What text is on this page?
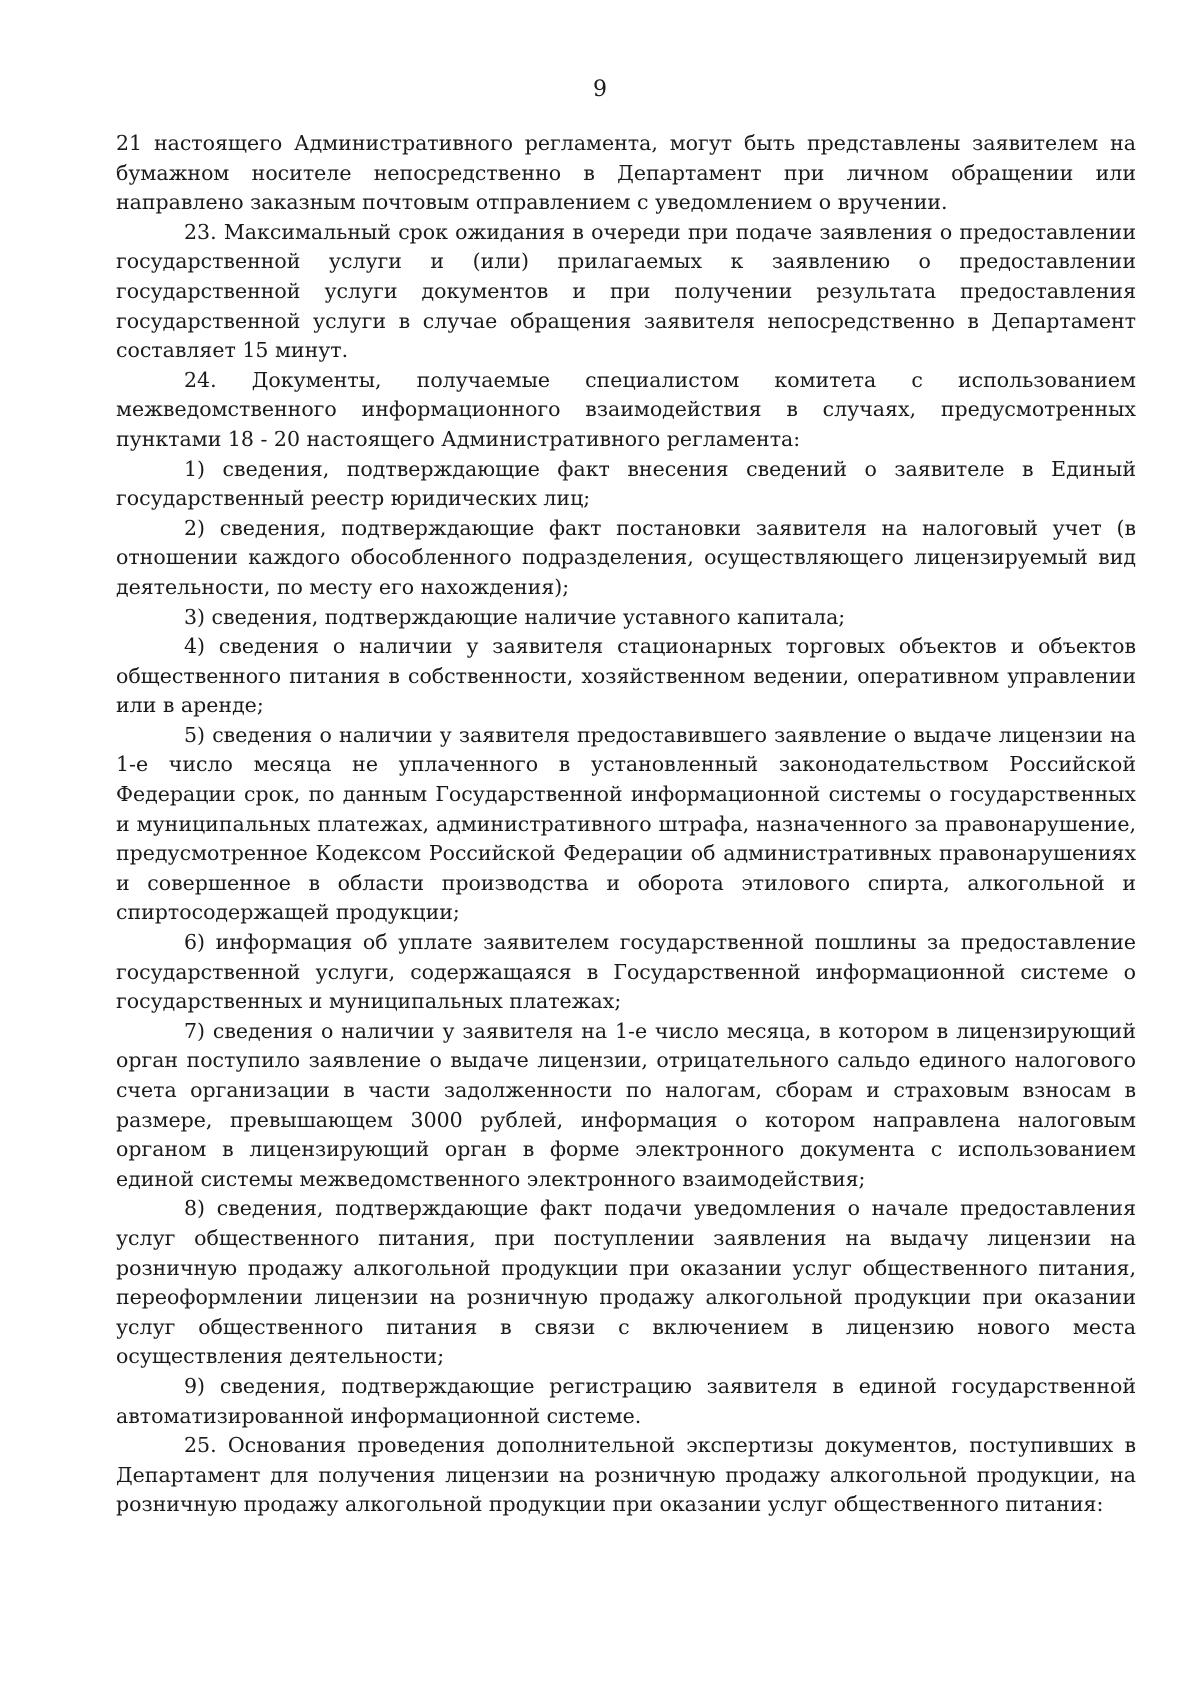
9

21 настоящего Административного регламента, могут быть представлены заявителем на бумажном носителе непосредственно в Департамент при личном обращении или направлено заказным почтовым отправлением с уведомлением о вручении.

23. Максимальный срок ожидания в очереди при подаче заявления о предоставлении государственной услуги и (или) прилагаемых к заявлению о предоставлении государственной услуги документов и при получении результата предоставления государственной услуги в случае обращения заявителя непосредственно в Департамент составляет 15 минут.

24. Документы, получаемые специалистом комитета с использованием межведомственного информационного взаимодействия в случаях, предусмотренных пунктами 18 - 20 настоящего Административного регламента:

1) сведения, подтверждающие факт внесения сведений о заявителе в Единый государственный реестр юридических лиц;

2) сведения, подтверждающие факт постановки заявителя на налоговый учет (в отношении каждого обособленного подразделения, осуществляющего лицензируемый вид деятельности, по месту его нахождения);

3) сведения, подтверждающие наличие уставного капитала;

4) сведения о наличии у заявителя стационарных торговых объектов и объектов общественного питания в собственности, хозяйственном ведении, оперативном управлении или в аренде;

5) сведения о наличии у заявителя предоставившего заявление о выдаче лицензии на 1-е число месяца не уплаченного в установленный законодательством Российской Федерации срок, по данным Государственной информационной системы о государственных и муниципальных платежах, административного штрафа, назначенного за правонарушение, предусмотренное Кодексом Российской Федерации об административных правонарушениях и совершенное в области производства и оборота этилового спирта, алкогольной и спиртосодержащей продукции;

6) информация об уплате заявителем государственной пошлины за предоставление государственной услуги, содержащаяся в Государственной информационной системе о государственных и муниципальных платежах;

7) сведения о наличии у заявителя на 1-е число месяца, в котором в лицензирующий орган поступило заявление о выдаче лицензии, отрицательного сальдо единого налогового счета организации в части задолженности по налогам, сборам и страховым взносам в размере, превышающем 3000 рублей, информация о котором направлена налоговым органом в лицензирующий орган в форме электронного документа с использованием единой системы межведомственного электронного взаимодействия;

8) сведения, подтверждающие факт подачи уведомления о начале предоставления услуг общественного питания, при поступлении заявления на выдачу лицензии на розничную продажу алкогольной продукции при оказании услуг общественного питания, переоформлении лицензии на розничную продажу алкогольной продукции при оказании услуг общественного питания в связи с включением в лицензию нового места осуществления деятельности;

9) сведения, подтверждающие регистрацию заявителя в единой государственной автоматизированной информационной системе.

25. Основания проведения дополнительной экспертизы документов, поступивших в Департамент для получения лицензии на розничную продажу алкогольной продукции, на розничную продажу алкогольной продукции при оказании услуг общественного питания:
